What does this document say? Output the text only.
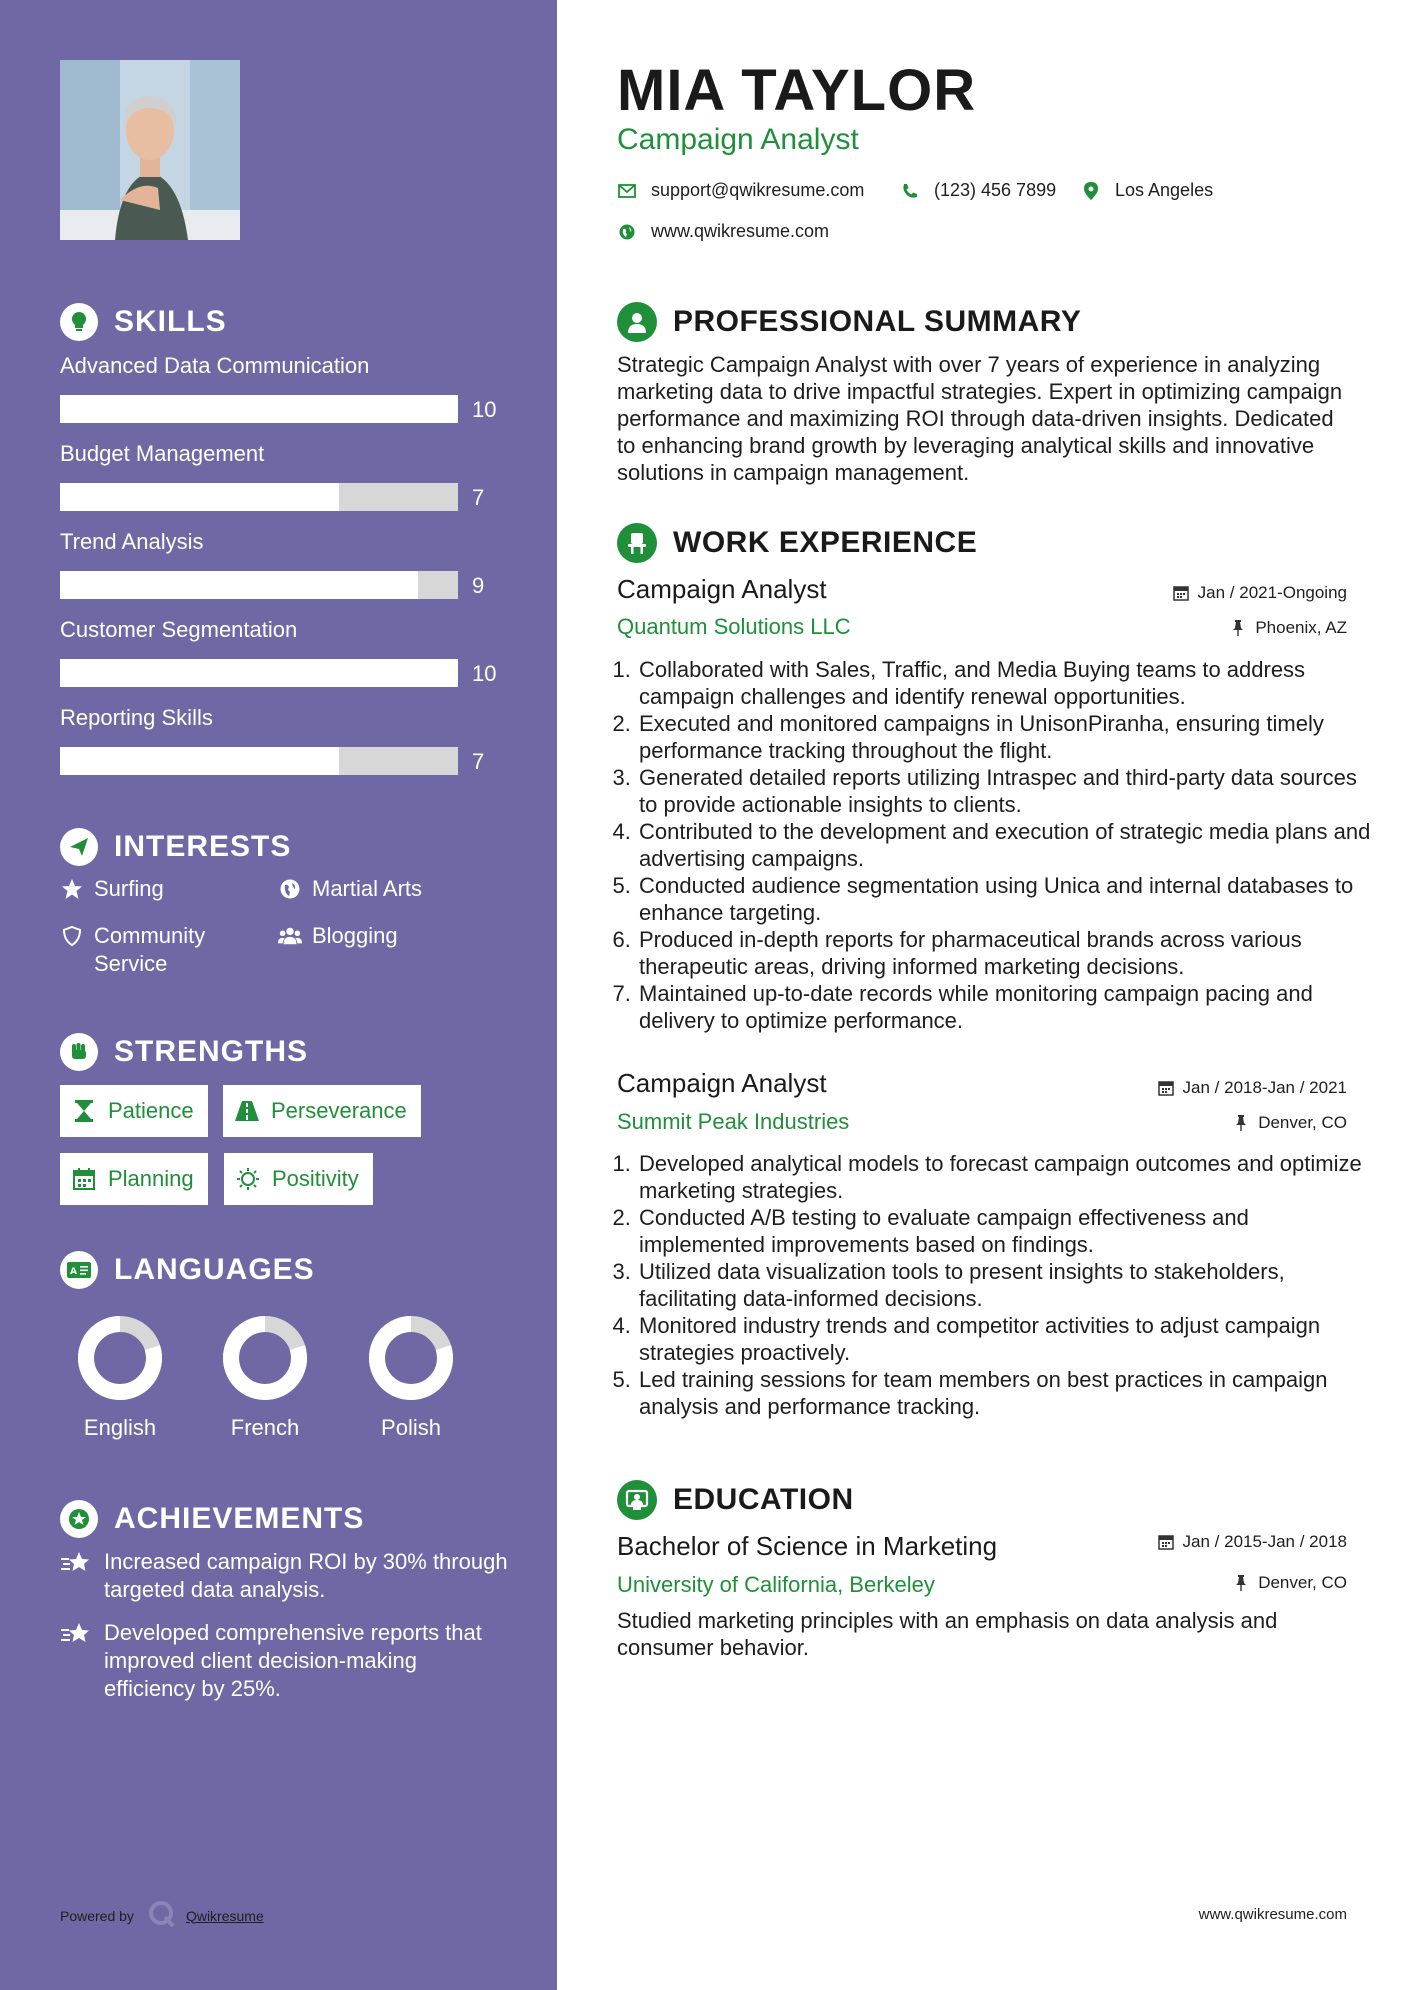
SKILLS
Advanced Data Communication
10
Budget Management
7
Trend Analysis
9
Customer Segmentation
10
Reporting Skills
7
INTERESTS
Surfing	Martial Arts
Community Service
Blogging
STRENGTHS
Patience	Perseverance
Planning	Positivity
A LANGUAGES
English	French	Polish
ACHIEVEMENTS
Increased campaign ROI by 30% through targeted data analysis.
Developed comprehensive reports that improved client decision-making efficiency by 25%.
Powered by	Qwikresume
MIA TAYLOR
Campaign Analyst
support@qwikresume.com	(123) 456 7899	Los Angeles
www.qwikresume.com
PROFESSIONAL SUMMARY

Strategic Campaign Analyst with over 7 years of experience in analyzing marketing data to drive impactful strategies. Expert in optimizing campaign performance and maximizing ROI through data-driven insights. Dedicated to enhancing brand growth by leveraging analytical skills and innovative solutions in campaign management.

WORK EXPERIENCE
Campaign Analyst	Jan / 2021-Ongoing
Quantum Solutions LLC	Phoenix, AZ
1. Collaborated with Sales, Traffic, and Media Buying teams to address campaign challenges and identify renewal opportunities.
2. Executed and monitored campaigns in UnisonPiranha, ensuring timely performance tracking throughout the flight.
3. Generated detailed reports utilizing Intraspec and third-party data sources to provide actionable insights to clients.
4. Contributed to the development and execution of strategic media plans and advertising campaigns.
5. Conducted audience segmentation using Unica and internal databases to enhance targeting.
6. Produced in-depth reports for pharmaceutical brands across various therapeutic areas, driving informed marketing decisions.
7. Maintained up-to-date records while monitoring campaign pacing and delivery to optimize performance.
Campaign Analyst	Jan / 2018-Jan / 2021
Summit Peak Industries	Denver, CO
1. Developed analytical models to forecast campaign outcomes and optimize marketing strategies.
2. Conducted A/B testing to evaluate campaign effectiveness and implemented improvements based on findings.
3. Utilized data visualization tools to present insights to stakeholders, facilitating data-informed decisions.
4. Monitored industry trends and competitor activities to adjust campaign strategies proactively.
5. Led training sessions for team members on best practices in campaign analysis and performance tracking.
EDUCATION
Bachelor of Science in Marketing	Jan / 2015-Jan / 2018
University of California, Berkeley	Denver, CO

Studied marketing principles with an emphasis on data analysis and consumer behavior.

www.qwikresume.com
